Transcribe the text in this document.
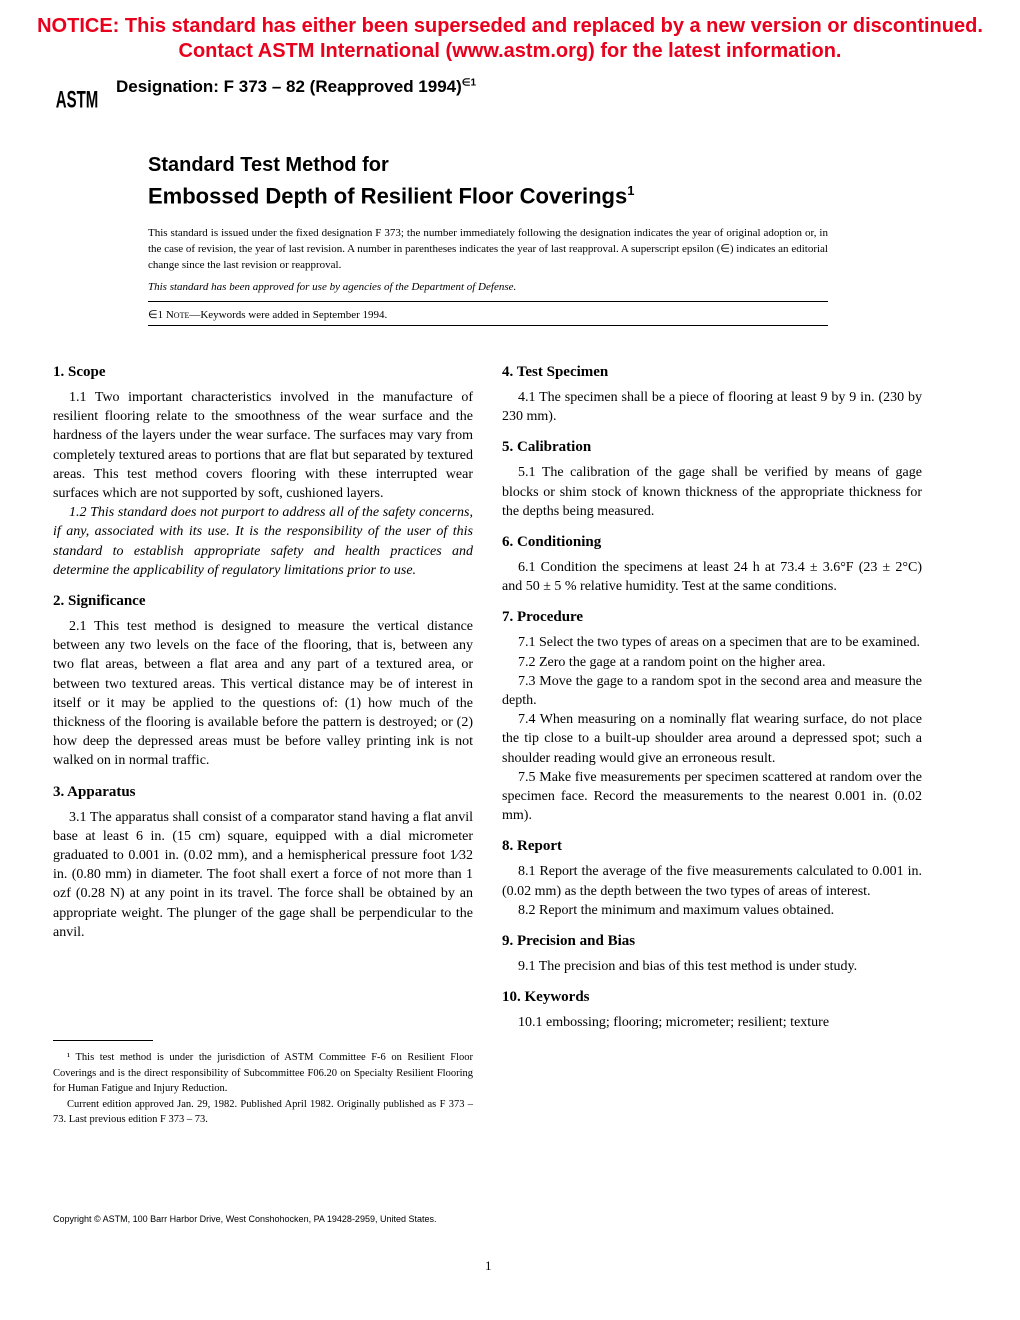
NOTICE: This standard has either been superseded and replaced by a new version or discontinued.
Contact ASTM International (www.astm.org) for the latest information.
ASTM
Designation: F 373 – 82 (Reapproved 1994)$^{\in 1}$
Standard Test Method for
Embossed Depth of Resilient Floor Coverings$^1$
This standard is issued under the fixed designation F 373; the number immediately following the designation indicates the year of original adoption or, in the case of revision, the year of last revision. A number in parentheses indicates the year of last reapproval. A superscript epsilon (∈) indicates an editorial change since the last revision or reapproval.
This standard has been approved for use by agencies of the Department of Defense.
∈1 Note—Keywords were added in September 1994.
1. Scope

1.1 Two important characteristics involved in the manufacture of resilient flooring relate to the smoothness of the wear surface and the hardness of the layers under the wear surface. The surfaces may vary from completely textured areas to portions that are flat but separated by textured areas. This test method covers flooring with these interrupted wear surfaces which are not supported by soft, cushioned layers.

1.2 This standard does not purport to address all of the safety concerns, if any, associated with its use. It is the responsibility of the user of this standard to establish appropriate safety and health practices and determine the applicability of regulatory limitations prior to use.

2. Significance

2.1 This test method is designed to measure the vertical distance between any two levels on the face of the flooring, that is, between any two flat areas, between a flat area and any part of a textured area, or between two textured areas. This vertical distance may be of interest in itself or it may be applied to the questions of: (1) how much of the thickness of the flooring is available before the pattern is destroyed; or (2) how deep the depressed areas must be before valley printing ink is not walked on in normal traffic.

3. Apparatus

3.1 The apparatus shall consist of a comparator stand having a flat anvil base at least 6 in. (15 cm) square, equipped with a dial micrometer graduated to 0.001 in. (0.02 mm), and a hemispherical pressure foot 1⁄32 in. (0.80 mm) in diameter. The foot shall exert a force of not more than 1 ozf (0.28 N) at any point in its travel. The force shall be obtained by an appropriate weight. The plunger of the gage shall be perpendicular to the anvil.

4. Test Specimen

4.1 The specimen shall be a piece of flooring at least 9 by 9 in. (230 by 230 mm).

5. Calibration

5.1 The calibration of the gage shall be verified by means of gage blocks or shim stock of known thickness of the appropriate thickness for the depths being measured.

6. Conditioning

6.1 Condition the specimens at least 24 h at 73.4 ± 3.6°F (23 ± 2°C) and 50 ± 5 % relative humidity. Test at the same conditions.

7. Procedure

7.1 Select the two types of areas on a specimen that are to be examined.

7.2 Zero the gage at a random point on the higher area.

7.3 Move the gage to a random spot in the second area and measure the depth.

7.4 When measuring on a nominally flat wearing surface, do not place the tip close to a built-up shoulder area around a depressed spot; such a shoulder reading would give an erroneous result.

7.5 Make five measurements per specimen scattered at random over the specimen face. Record the measurements to the nearest 0.001 in. (0.02 mm).

8. Report

8.1 Report the average of the five measurements calculated to 0.001 in. (0.02 mm) as the depth between the two types of areas of interest.

8.2 Report the minimum and maximum values obtained.

9. Precision and Bias

9.1 The precision and bias of this test method is under study.

10. Keywords

10.1 embossing; flooring; micrometer; resilient; texture

¹ This test method is under the jurisdiction of ASTM Committee F-6 on Resilient Floor Coverings and is the direct responsibility of Subcommittee F06.20 on Specialty Resilient Flooring for Human Fatigue and Injury Reduction.

Current edition approved Jan. 29, 1982. Published April 1982. Originally published as F 373 – 73. Last previous edition F 373 – 73.

Copyright © ASTM, 100 Barr Harbor Drive, West Conshohocken, PA 19428-2959, United States.
1
